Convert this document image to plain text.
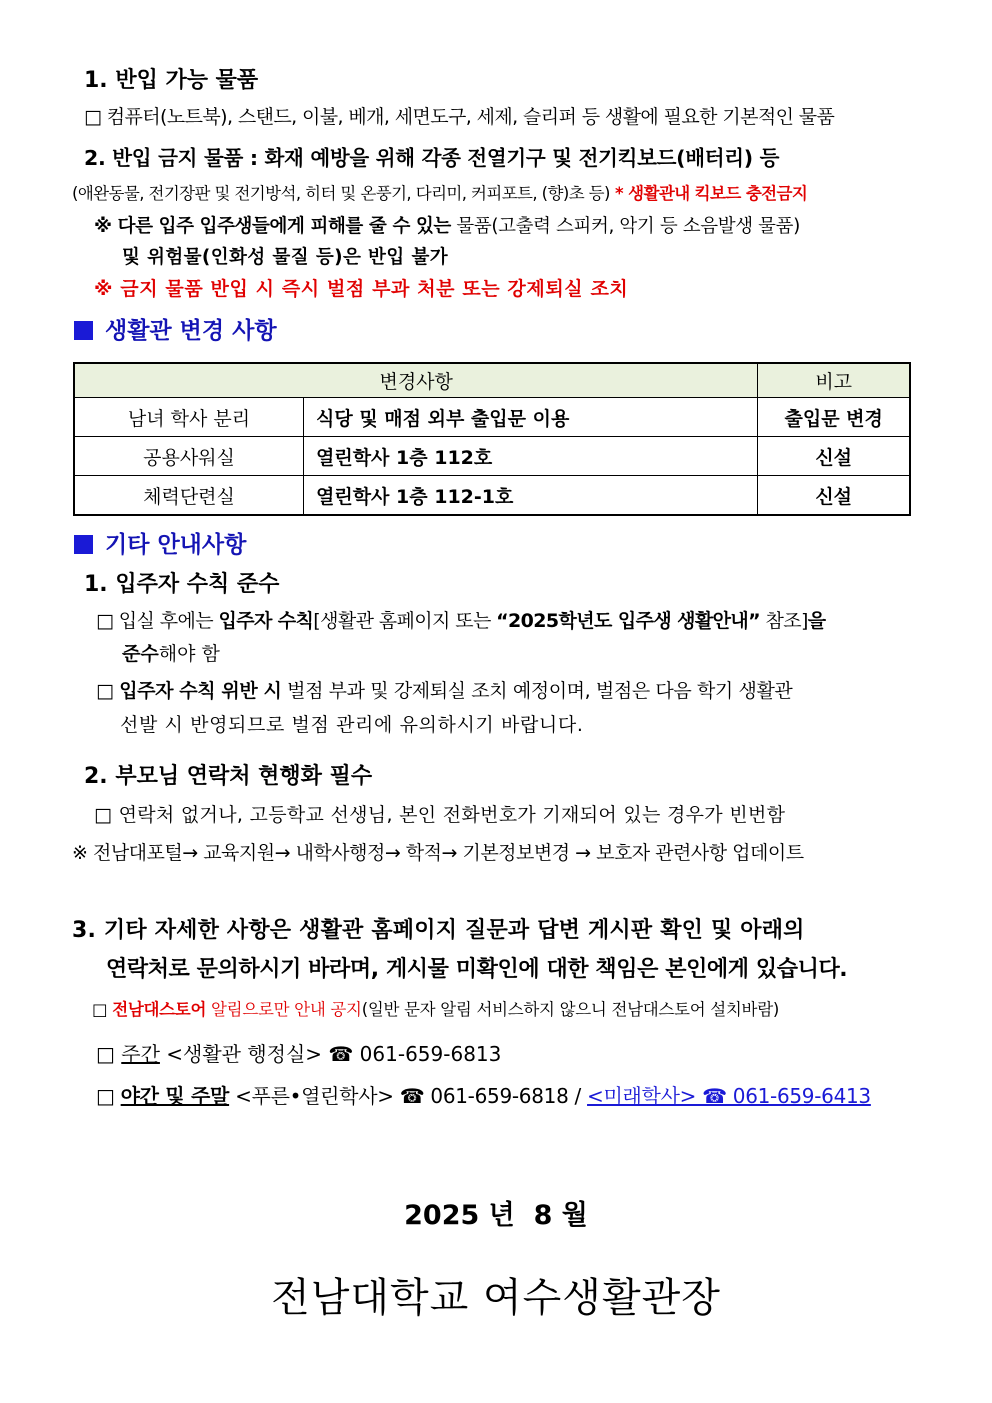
1. 반입 가능 물품
□ 컴퓨터(노트북), 스탠드, 이불, 베개, 세면도구, 세제, 슬리퍼 등 생활에 필요한 기본적인 물품
2. 반입 금지 물품 : 화재 예방을 위해 각종 전열기구 및 전기킥보드(배터리) 등
(애완동물, 전기장판 및 전기방석, 히터 및 온풍기, 다리미, 커피포트, (향)초 등) * 생활관내 킥보드 충전금지
※ 다른 입주 입주생들에게 피해를 줄 수 있는 물품(고출력 스피커, 악기 등 소음발생 물품)
및 위험물(인화성 물질 등)은 반입 불가
※ 금지 물품 반입 시 즉시 벌점 부과 처분 또는 강제퇴실 조치
생활관 변경 사항
변경사항		비고
남녀 학사 분리	식당 및 매점 외부 출입문 이용	출입문 변경
공용사워실	열린학사 1층 112호	신설
체력단련실	열린학사 1층 112-1호	신설
기타 안내사항
1. 입주자 수칙 준수
□ 입실 후에는 입주자 수칙[생활관 홈페이지 또는 “2025학년도 입주생 생활안내” 참조]을
준수해야 함
□ 입주자 수칙 위반 시 벌점 부과 및 강제퇴실 조치 예정이며, 벌점은 다음 학기 생활관
선발 시 반영되므로 벌점 관리에 유의하시기 바랍니다.
2. 부모님 연락처 현행화 필수
□ 연락처 없거나, 고등학교 선생님, 본인 전화번호가 기재되어 있는 경우가 빈번함
※ 전남대포털→ 교육지원→ 내학사행정→ 학적→ 기본정보변경 → 보호자 관련사항 업데이트
3. 기타 자세한 사항은 생활관 홈페이지 질문과 답변 게시판 확인 및 아래의
연락처로 문의하시기 바라며, 게시물 미확인에 대한 책임은 본인에게 있습니다.
□ 전남대스토어 알림으로만 안내 공지(일반 문자 알림 서비스하지 않으니 전남대스토어 설치바람)
□ 주간 <생활관 행정실> ☎ 061-659-6813
□ 야간 및 주말 <푸른•열린학사> ☎ 061-659-6818 / <미래학사> ☎ 061-659-6413
2025 년  8 월
전남대학교 여수생활관장
